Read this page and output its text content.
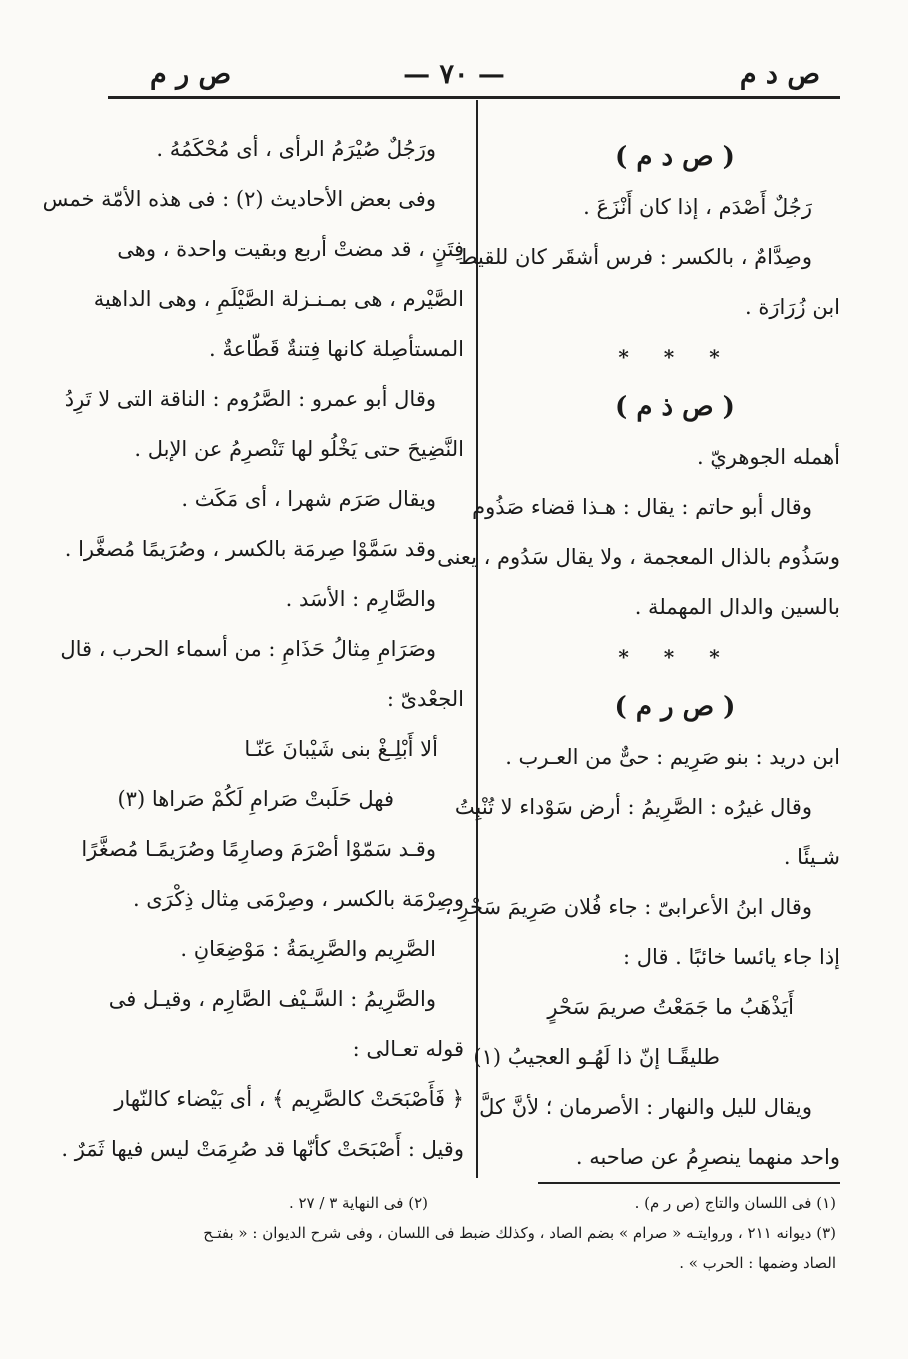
ص د م
— ٧٠ —
ص ر م
( ص د م )
رَجُلٌ أَصْدَم ، إذا كان أَنْزَعَ .
وصِدَّامٌ ، بالكسر : فرس أشقَر كان للقيط
ابن زُرَارَة .
* * *
( ص ذ م )
أهمله الجوهريّ .
وقال أبو حاتم : يقال : هـذا قضاء صَذُوم
وسَذُوم بالذال المعجمة ، ولا يقال سَدُوم ، يعنى
بالسين والدال المهملة .
* * *
( ص ر م )
ابن دريد : بنو صَرِيم : حىٌّ من العـرب .
وقال غيرُه : الصَّرِيمُ : أرض سَوْداء لا تُنْبِتُ
شـيئًا .
وقال ابنُ الأعرابىّ : جاء فُلان صَرِيمَ سَحْرِ ،
إذا جاء يائسا خائبًا . قال :
أَيَذْهَبُ ما جَمَعْتُ صريمَ سَحْرٍ
طليقًـا إنّ ذا لَهُـو العجيبُ (١)
ويقال لليل والنهار : الأصرمان ؛ لأنَّ كلَّ
واحد منهما ينصرِمُ عن صاحبه .
ورَجُلٌ صُيْرَمُ الرأى ، أى مُحْكَمُهُ .
وفى بعض الأحاديث (٢) : فى هذه الأمّة خمس
فِتَنٍ ، قد مضتْ أربع وبقيت واحدة ، وهى
الصَّيْرم ، هى بمـنـزلة الصَّيْلَمِ ، وهى الداهية
المستأصِلة كانها فِتنةٌ قَطّاعةٌ .
وقال أبو عمرو : الصَّرُوم : الناقة التى لا تَرِدُ
النَّضِيحَ حتى يَخْلُو لها تَنْصرِمُ عن الإبل .
ويقال صَرَم شهرا ، أى مَكَث .
وقد سَمَّوْا صِرمَة بالكسر ، وصُرَيمًا مُصغَّرا .
والصَّارِم : الأسَد .
وصَرَامِ مِثالُ حَذَامِ : من أسماء الحرب ، قال
الجعْدىّ :
ألا أَبْلِـغْ بنى شَيْبانَ عَنّـا
فهل حَلَبتْ صَرامِ لَكُمْ صَراها (٣)
وقـد سَمّوْا أصْرَمَ وصارِمًا وصُرَيمًـا مُصغَّرًا
وصِرْمَة بالكسر ، وصِرْمَى مِثال ذِكْرَى .
الصَّرِيم والصَّرِيمَةُ : مَوْضِعَانِ .
والصَّرِيمُ : السَّـيْف الصَّارِم ، وقيـل فى
قوله تعـالى :
﴿ فَأَصْبَحَتْ كالصَّرِيم ﴾ ، أى بَيْضاء كالنّهار
وقيل : أَصْبَحَتْ كأنّها قد صُرِمَتْ ليس فيها ثَمَرٌ .
(١) فى اللسان والتاج (ص ر م) .
(٢) فى النهاية ٣ / ٢٧ .
(٣) ديوانه ٢١١ ، وروايتـه « صرام » بضم الصاد ، وكذلك ضبط فى اللسان ، وفى شرح الديوان : « بفتـح
الصاد وضمها : الحرب » .
